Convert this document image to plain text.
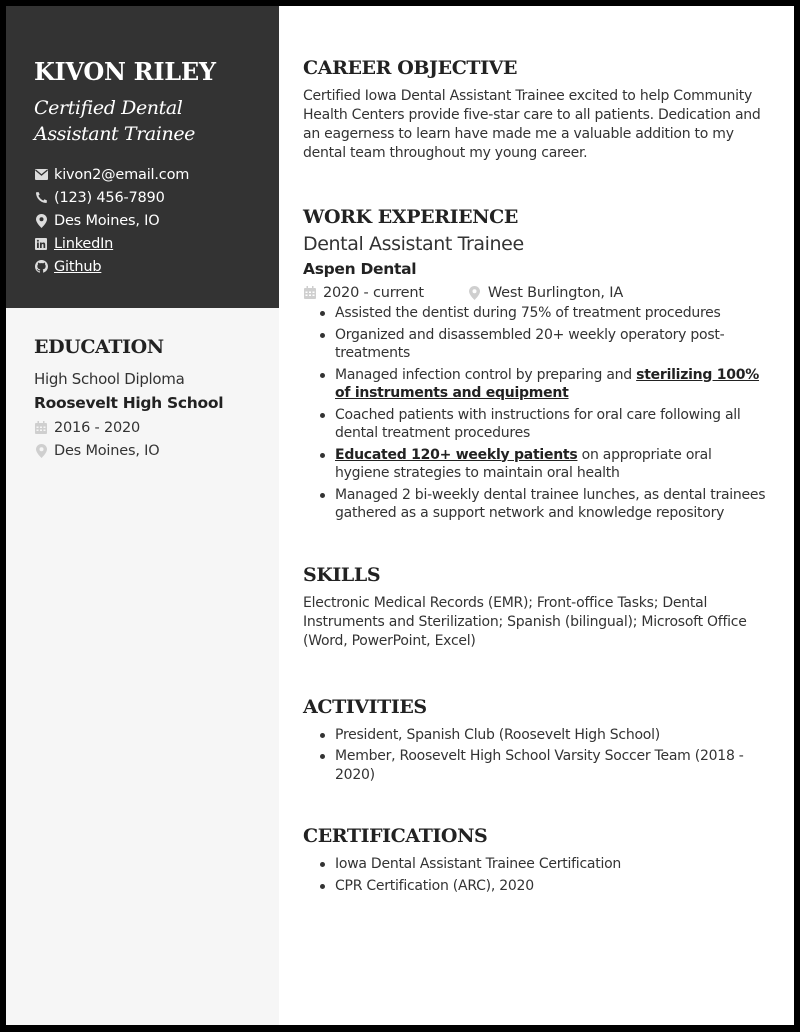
KIVON RILEY
Certified Dental Assistant Trainee
kivon2@email.com
(123) 456-7890
Des Moines, IO
LinkedIn
Github
EDUCATION
High School Diploma
Roosevelt High School
2016 - 2020
Des Moines, IO
CAREER OBJECTIVE

Certified Iowa Dental Assistant Trainee excited to help Community Health Centers provide five-star care to all patients. Dedication and an eagerness to learn have made me a valuable addition to my dental team throughout my young career.

WORK EXPERIENCE
Dental Assistant Trainee
Aspen Dental
2020 - current	West Burlington, IA
Assisted the dentist during 75% of treatment procedures
Organized and disassembled 20+ weekly operatory post-treatments
Managed infection control by preparing and sterilizing 100% of instruments and equipment
Coached patients with instructions for oral care following all dental treatment procedures
Educated 120+ weekly patients on appropriate oral hygiene strategies to maintain oral health
Managed 2 bi-weekly dental trainee lunches, as dental trainees gathered as a support network and knowledge repository
SKILLS

Electronic Medical Records (EMR); Front-office Tasks; Dental Instruments and Sterilization; Spanish (bilingual); Microsoft Office (Word, PowerPoint, Excel)

ACTIVITIES
President, Spanish Club (Roosevelt High School)
Member, Roosevelt High School Varsity Soccer Team (2018 - 2020)
CERTIFICATIONS
Iowa Dental Assistant Trainee Certification
CPR Certification (ARC), 2020
